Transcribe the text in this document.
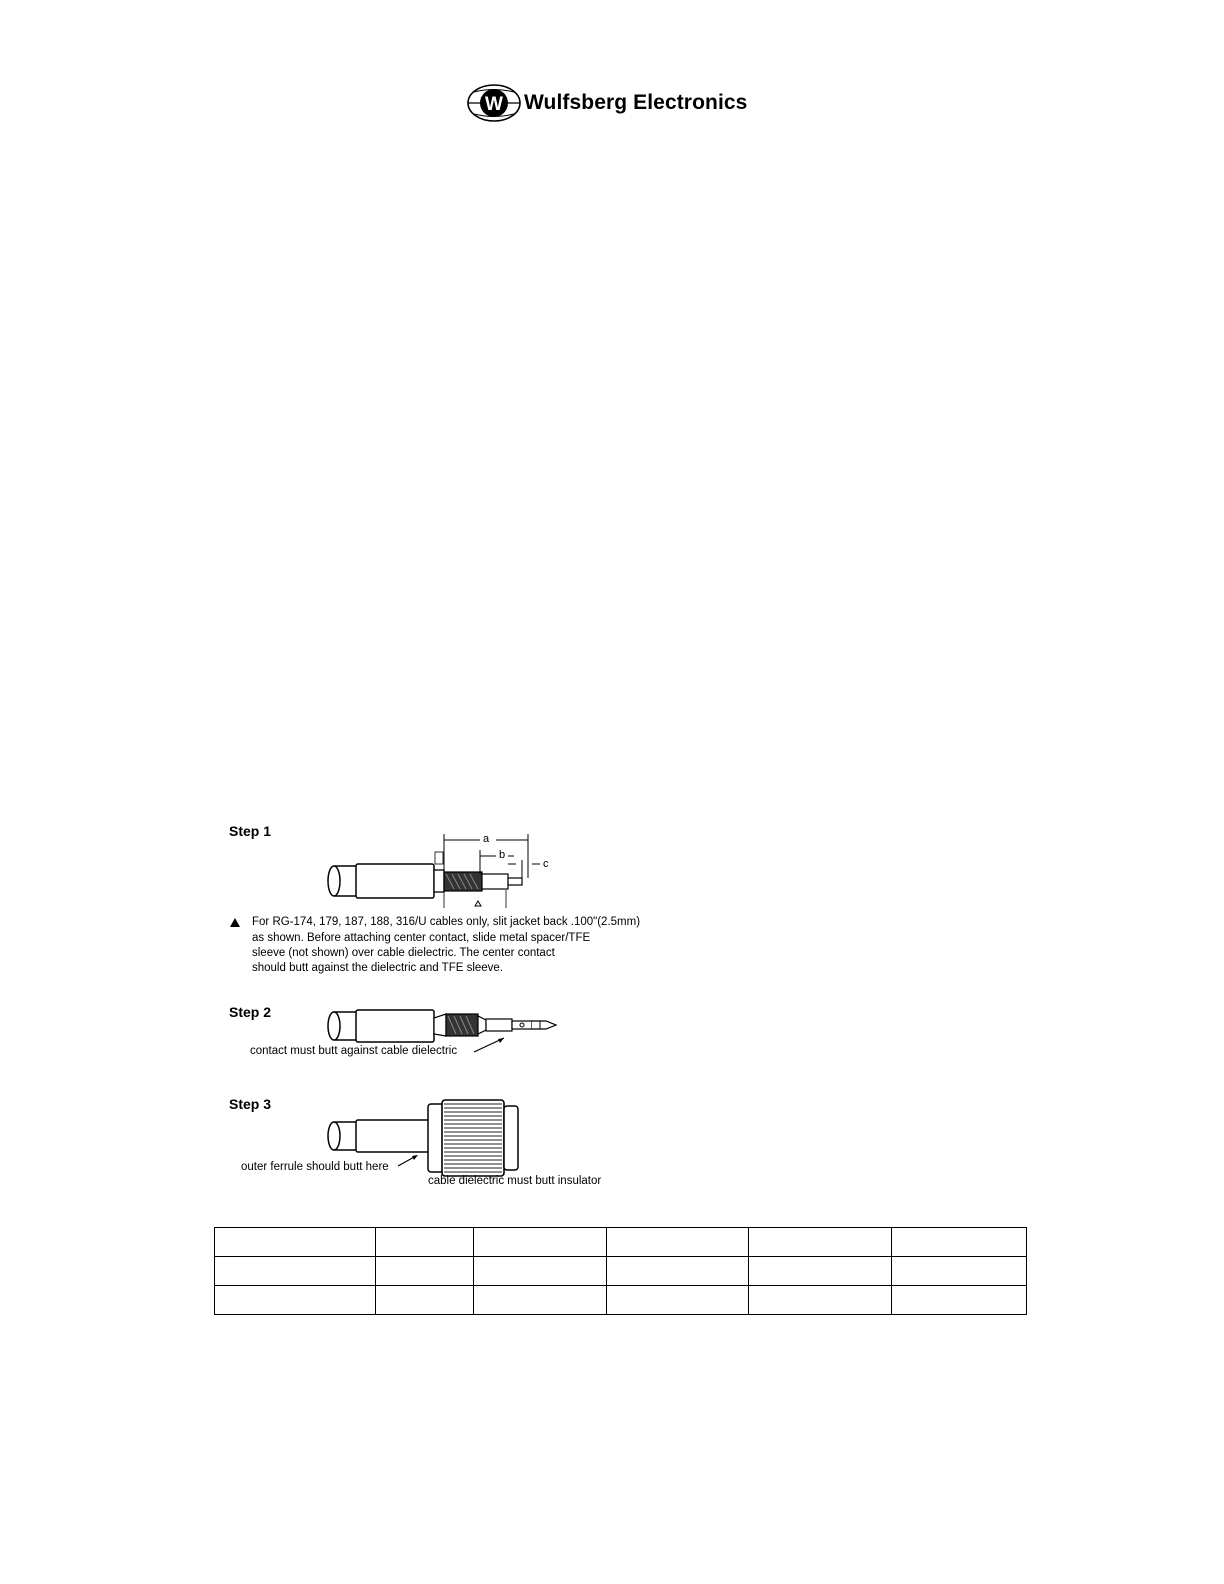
W Wulfsberg Electronics
Step 1	a
b
c
For RG-174, 179, 187, 188, 316/U cables only, slit jacket back .100"(2.5mm)
as shown. Before attaching center contact, slide metal spacer/TFE
sleeve (not shown) over cable dielectric. The center contact
should butt against the dielectric and TFE sleeve.
Step 2
contact must butt against cable dielectric
Step 3
outer ferrule should butt here
cable dielectric must butt insulator
